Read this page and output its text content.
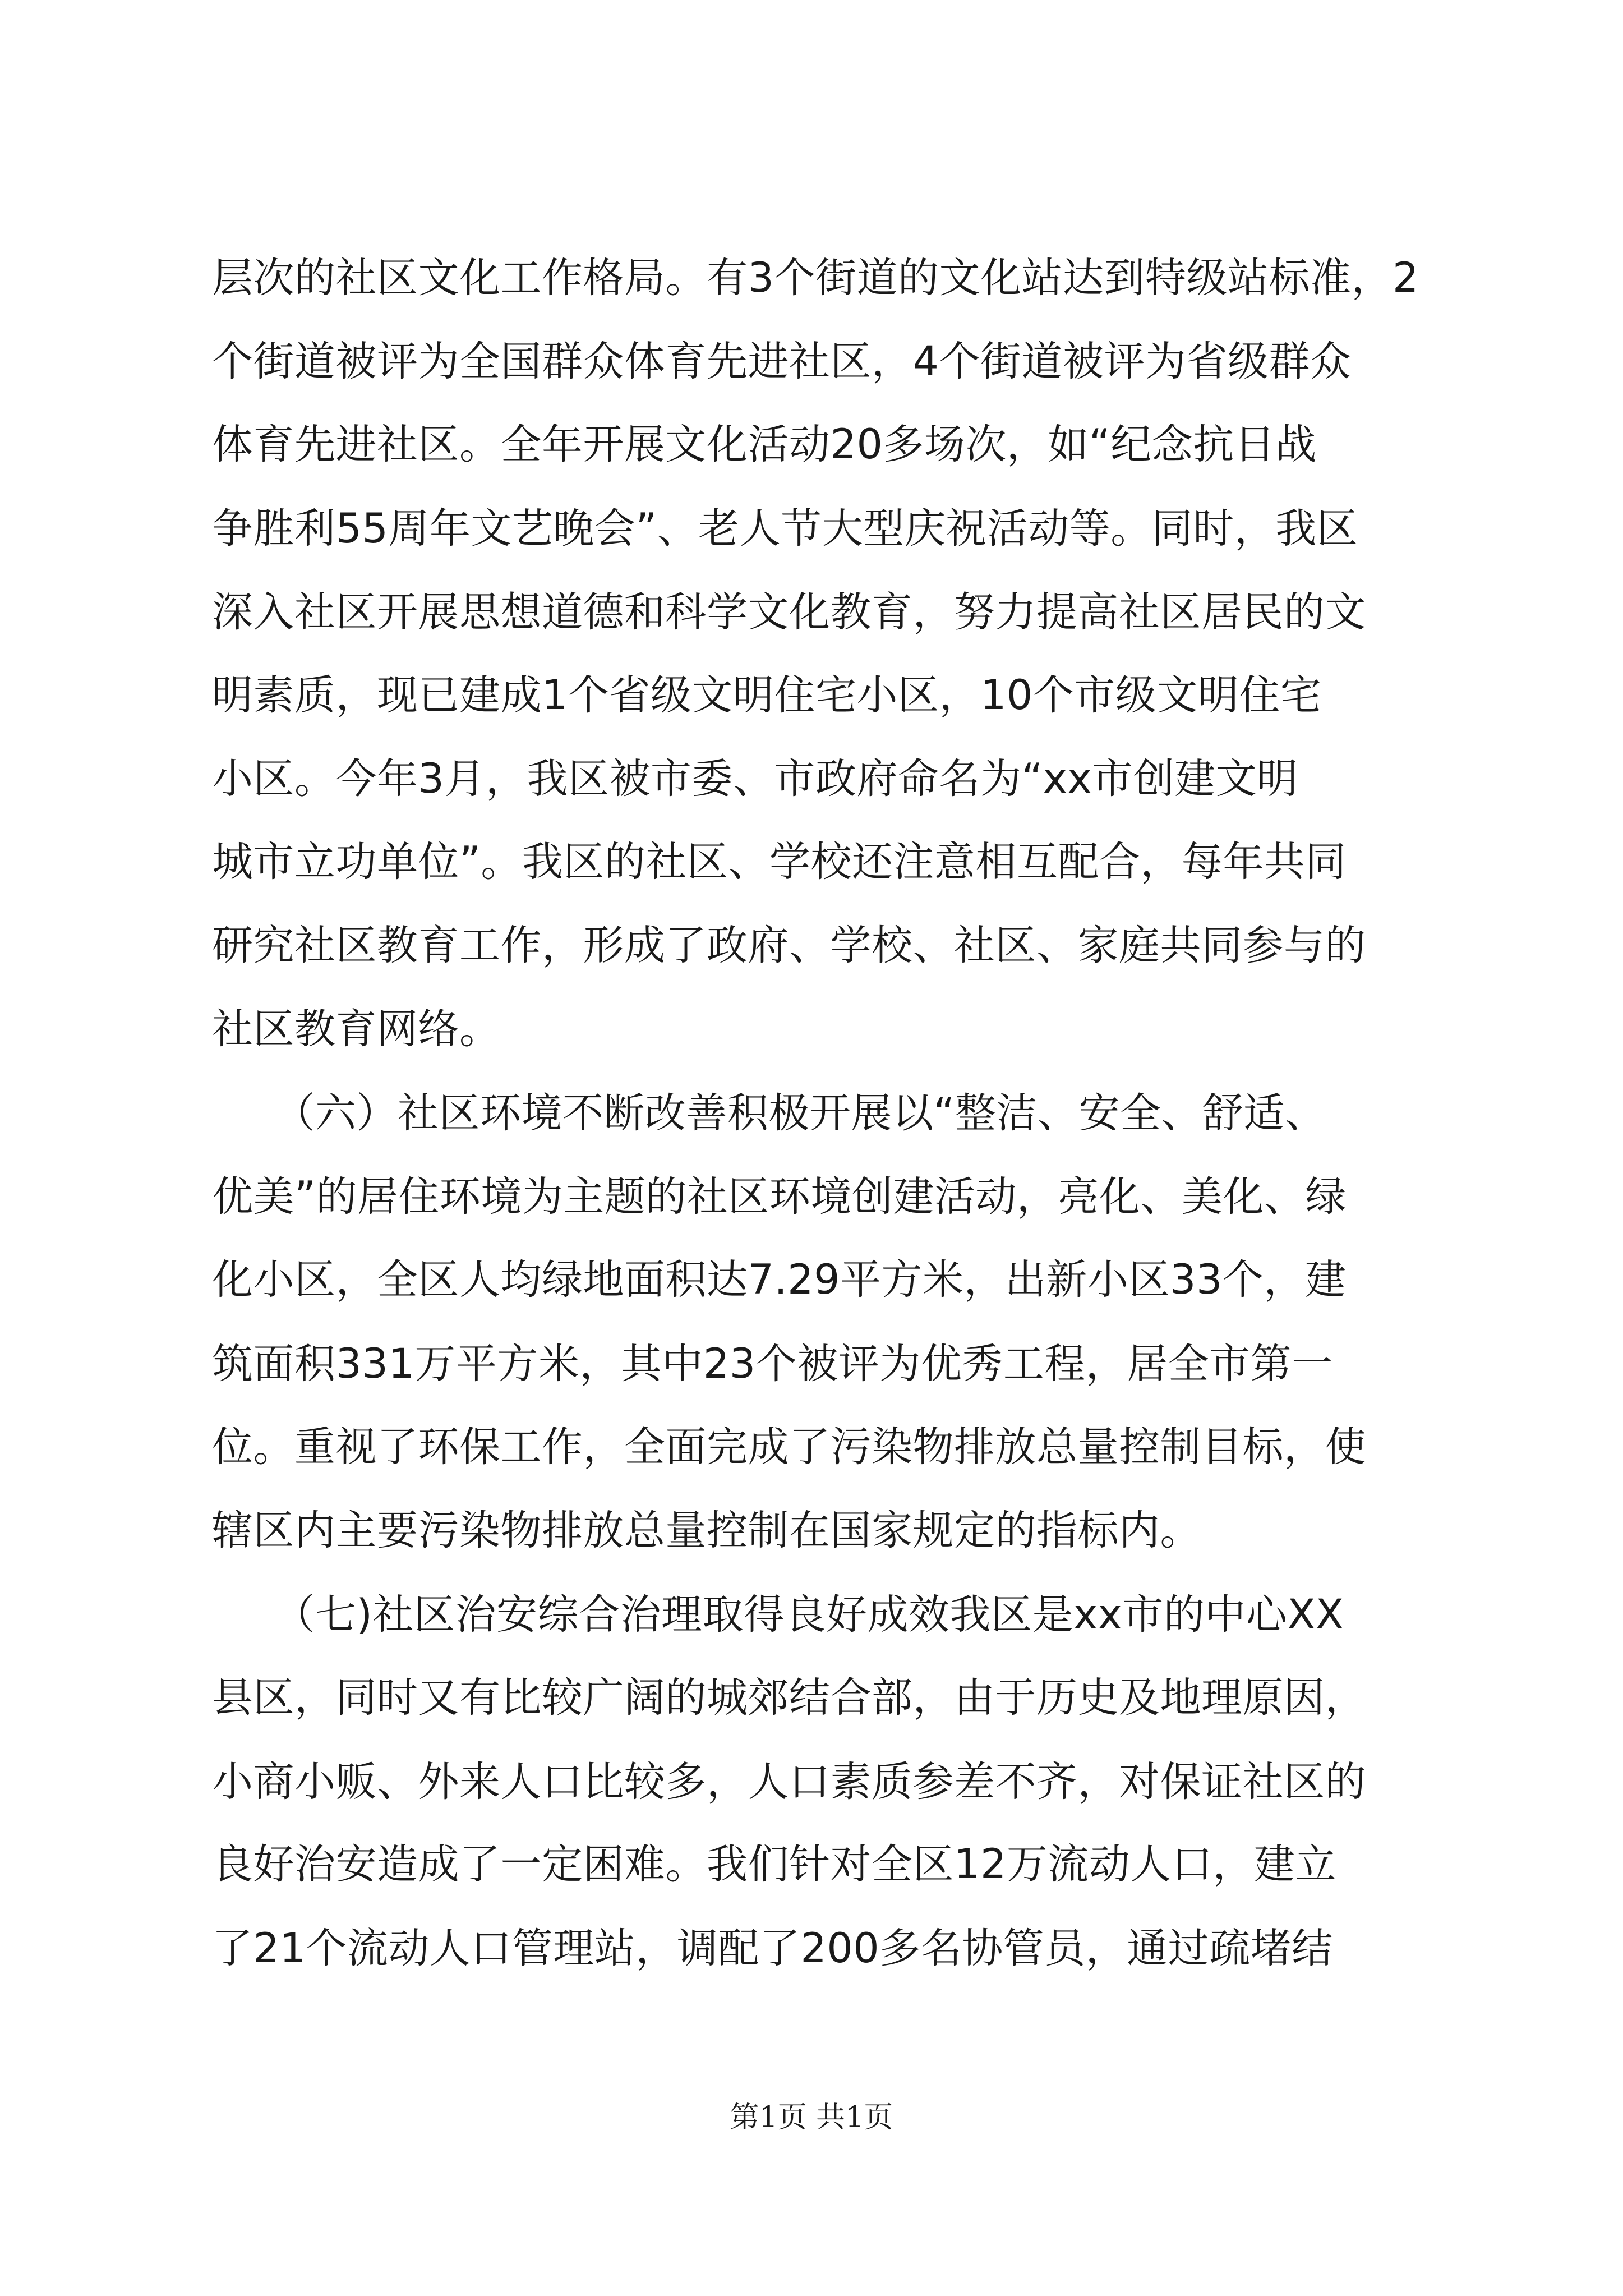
层次的社区文化工作格局。有3个街道的文化站达到特级站标准，2
个街道被评为全国群众体育先进社区，4个街道被评为省级群众
体育先进社区。全年开展文化活动20多场次，如“纪念抗日战
争胜利55周年文艺晚会”、老人节大型庆祝活动等。同时，我区
深入社区开展思想道德和科学文化教育，努力提高社区居民的文
明素质，现已建成1个省级文明住宅小区，10个市级文明住宅
小区。今年3月，我区被市委、市政府命名为“xx市创建文明
城市立功单位”。我区的社区、学校还注意相互配合，每年共同
研究社区教育工作，形成了政府、学校、社区、家庭共同参与的
社区教育网络。
　　（六）社区环境不断改善积极开展以“整洁、安全、舒适、
优美”的居住环境为主题的社区环境创建活动，亮化、美化、绿
化小区，全区人均绿地面积达7.29平方米，出新小区33个，建
筑面积331万平方米，其中23个被评为优秀工程，居全市第一
位。重视了环保工作，全面完成了污染物排放总量控制目标，使
辖区内主要污染物排放总量控制在国家规定的指标内。
　　（七)社区治安综合治理取得良好成效我区是xx市的中心XX
县区，同时又有比较广阔的城郊结合部，由于历史及地理原因，
小商小贩、外来人口比较多，人口素质参差不齐，对保证社区的
良好治安造成了一定困难。我们针对全区12万流动人口，建立
了21个流动人口管理站，调配了200多名协管员，通过疏堵结
第1页 共1页
